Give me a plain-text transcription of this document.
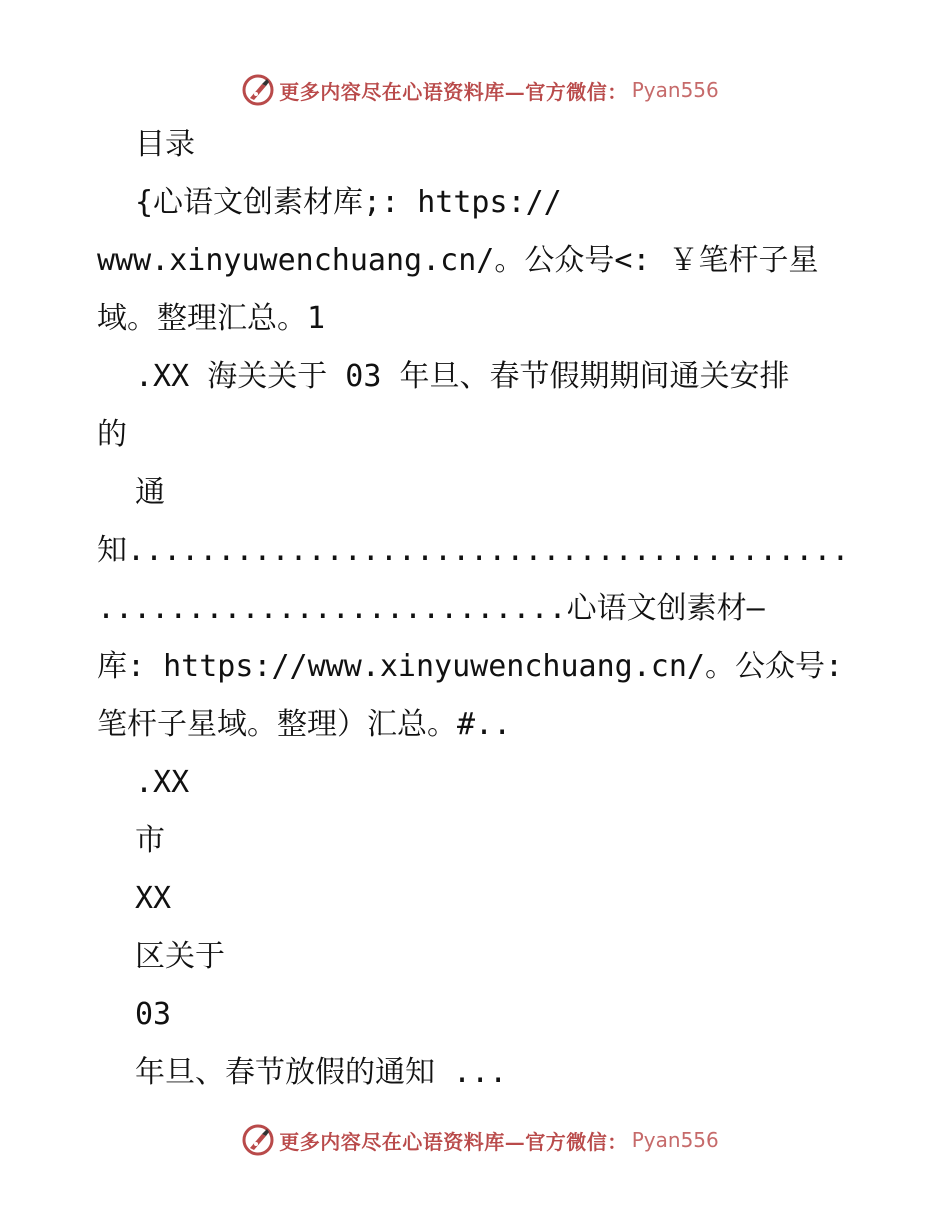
更多内容尽在心语资料库—官方微信： Pyan556
目录
{心语文创素材库;: https://
www.xinyuwenchuang.cn/。公众号<: ￥笔杆子星
域。整理汇总。1
.XX 海关关于 03 年旦、春节假期期间通关安排
的
通
知........................................
..........................心语文创素材—
库: https://www.xinyuwenchuang.cn/。公众号:
笔杆子星域。整理）汇总。#..
.XX
市
XX
区关于
03
年旦、春节放假的通知 ...
更多内容尽在心语资料库—官方微信： Pyan556
